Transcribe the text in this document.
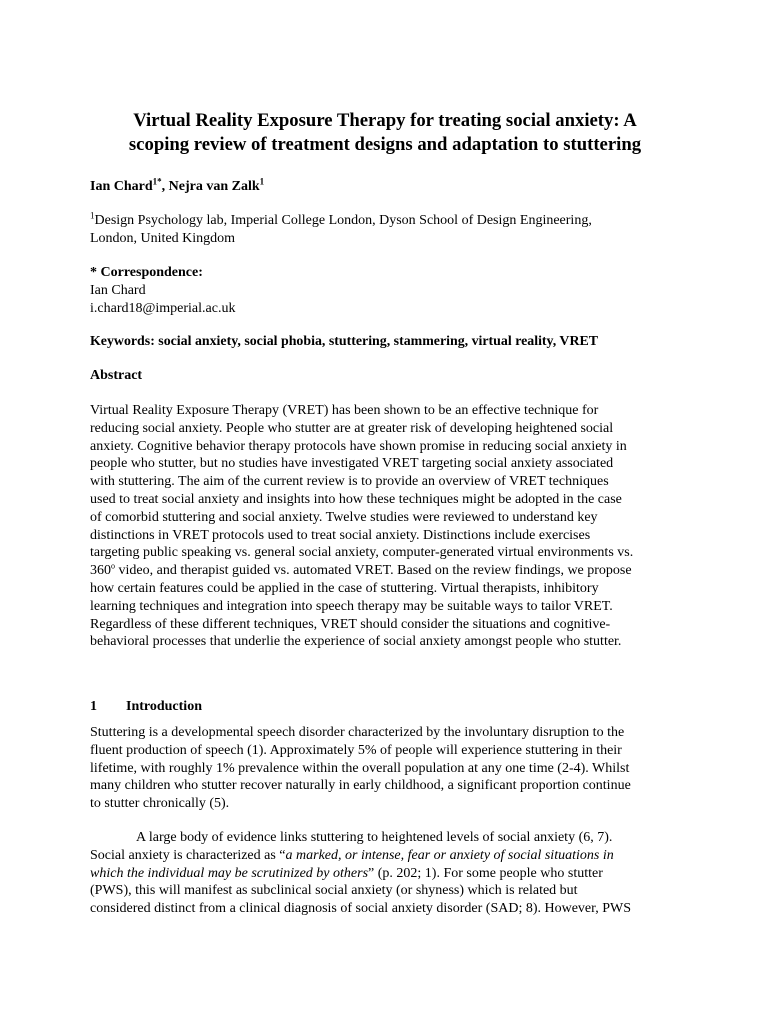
Virtual Reality Exposure Therapy for treating social anxiety: A
scoping review of treatment designs and adaptation to stuttering
Ian Chard$^{1*}$, Nejra van Zalk$^1$
$^1$Design Psychology lab, Imperial College London, Dyson School of Design Engineering,
London, United Kingdom
* Correspondence:
Ian Chard
i.chard18@imperial.ac.uk
Keywords: social anxiety, social phobia, stuttering, stammering, virtual reality, VRET
Abstract
Virtual Reality Exposure Therapy (VRET) has been shown to be an effective technique for
reducing social anxiety. People who stutter are at greater risk of developing heightened social
anxiety. Cognitive behavior therapy protocols have shown promise in reducing social anxiety in
people who stutter, but no studies have investigated VRET targeting social anxiety associated
with stuttering. The aim of the current review is to provide an overview of VRET techniques
used to treat social anxiety and insights into how these techniques might be adopted in the case
of comorbid stuttering and social anxiety. Twelve studies were reviewed to understand key
distinctions in VRET protocols used to treat social anxiety. Distinctions include exercises
targeting public speaking vs. general social anxiety, computer-generated virtual environments vs.
360$^o$ video, and therapist guided vs. automated VRET. Based on the review findings, we propose
how certain features could be applied in the case of stuttering. Virtual therapists, inhibitory
learning techniques and integration into speech therapy may be suitable ways to tailor VRET.
Regardless of these different techniques, VRET should consider the situations and cognitive-
behavioral processes that underlie the experience of social anxiety amongst people who stutter.
1 Introduction
Stuttering is a developmental speech disorder characterized by the involuntary disruption to the
fluent production of speech (1). Approximately 5% of people will experience stuttering in their
lifetime, with roughly 1% prevalence within the overall population at any one time (2-4). Whilst
many children who stutter recover naturally in early childhood, a significant proportion continue
to stutter chronically (5).
A large body of evidence links stuttering to heightened levels of social anxiety (6, 7).
Social anxiety is characterized as “a marked, or intense, fear or anxiety of social situations in
which the individual may be scrutinized by others” (p. 202; 1). For some people who stutter
(PWS), this will manifest as subclinical social anxiety (or shyness) which is related but
considered distinct from a clinical diagnosis of social anxiety disorder (SAD; 8). However, PWS
